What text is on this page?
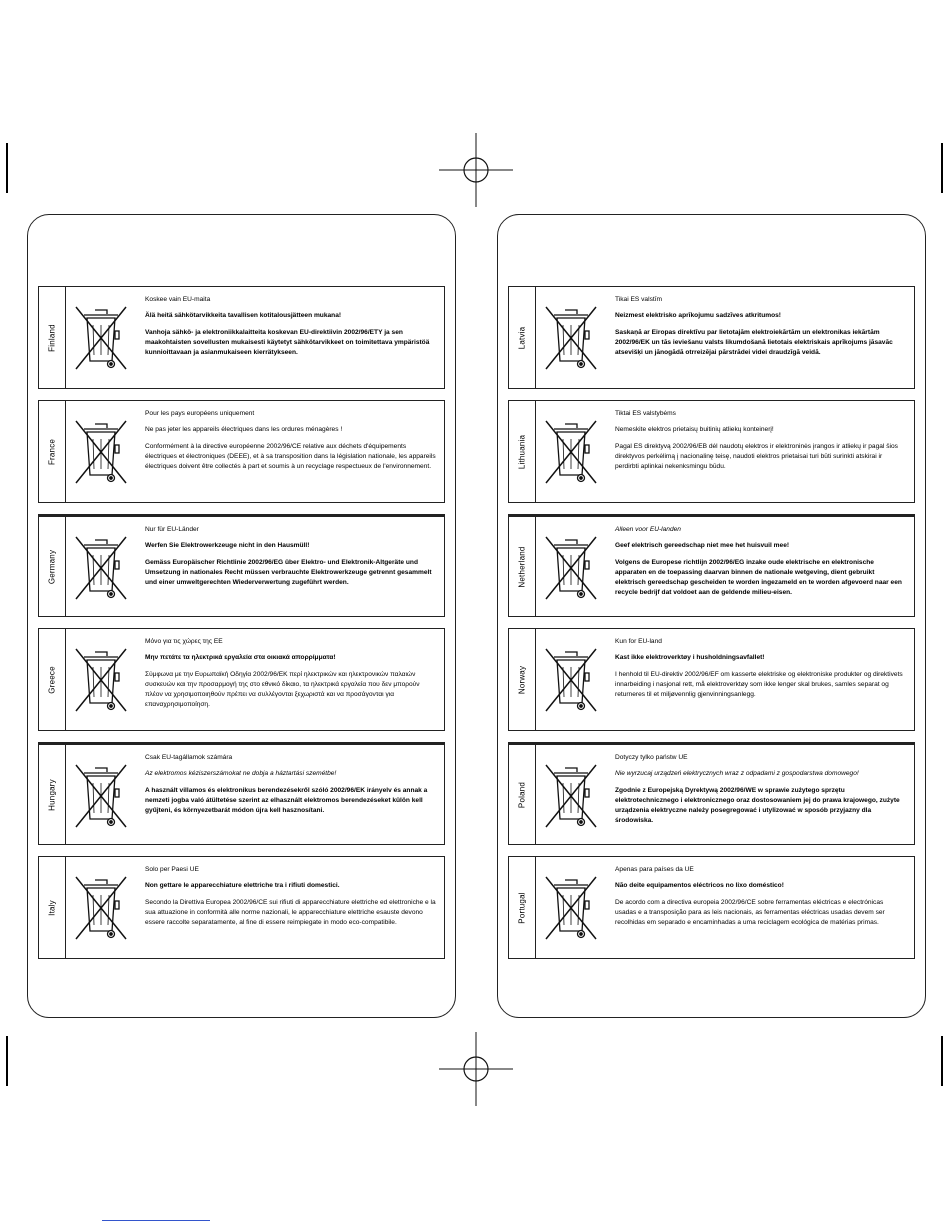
Finland

Koskee vain EU-maita

Älä heitä sähkötarvikkeita tavallisen kotitalousjätteen mukana!

Vanhoja sähkö- ja elektroniikkalaitteita koskevan EU-direktiivin 2002/96/ETY ja sen maakohtaisten sovellusten mukaisesti käytetyt sähkötarvikkeet on toimitettava ympäristöä kunnioittavaan ja asianmukaiseen kierrätykseen.

France

Pour les pays européens uniquement

Ne pas jeter les appareils électriques dans les ordures ménagères !

Conformément à la directive européenne 2002/96/CE relative aux déchets d'équipements électriques et électroniques (DEEE), et à sa transposition dans la législation nationale, les appareils électriques doivent être collectés à part et soumis à un recyclage respectueux de l'environnement.

Germany

Nur für EU-Länder

Werfen Sie Elektrowerkzeuge nicht in den Hausmüll!

Gemäss Europäischer Richtlinie 2002/96/EG über Elektro- und Elektronik-Altgeräte und Umsetzung in nationales Recht müssen verbrauchte Elektrowerkzeuge getrennt gesammelt und einer umweltgerechten Wiederverwertung zugeführt werden.

Greece

Μόνο για τις χώρες της ΕΕ

Μην πετάτε τα ηλεκτρικά εργαλεία στα οικιακά απορρίμματα!

Σύμφωνα με την Ευρωπαϊκή Οδηγία 2002/96/ΕΚ περί ηλεκτρικών και ηλεκτρονικών παλαιών συσκευών και την προσαρμογή της στο εθνικό δίκαιο, τα ηλεκτρικά εργαλεία που δεν μπορούν πλέον να χρησιμοποιηθούν πρέπει να συλλέγονται ξεχωριστά και να προσάγονται για επαναχρησιμοποίηση.

Hungary

Csak EU-tagállamok számára

Az elektromos kéziszerszámokat ne dobja a háztartási szemétbe!

A használt villamos és elektronikus berendezésekről szóló 2002/96/EK irányelv és annak a nemzeti jogba való átültetése szerint az elhasznált elektromos berendezéseket külön kell gyűjteni, és környezetbarát módon újra kell hasznosítani.

Italy

Solo per Paesi UE

Non gettare le apparecchiature elettriche tra i rifiuti domestici.

Secondo la Direttiva Europea 2002/96/CE sui rifiuti di apparecchiature elettriche ed elettroniche e la sua attuazione in conformità alle norme nazionali, le apparecchiature elettriche esauste devono essere raccolte separatamente, al fine di essere reimpiegate in modo eco-compatibile.

Latvia

Tikai ES valstīm

Neizmest elektrisko aprīkojumu sadzīves atkritumos!

Saskaņā ar Eiropas direktīvu par lietotajām elektroiekārtām un elektronikas iekārtām 2002/96/EK un tās ieviešanu valsts likumdošanā lietotais elektriskais aprīkojums jāsavāc atsevišķi un jānogādā otrreizējai pārstrādei videi draudzīgā veidā.

Lithuania

Tiktai ES valstybėms

Nemeskite elektros prietaisų buitinių atliekų konteinerį!

Pagal ES direktyvą 2002/96/EB dėl naudotų elektros ir elektroninės įrangos ir atliekų ir pagal šios direktyvos perkėlimą į nacionalinę teisę, naudoti elektros prietaisai turi būti surinkti atskirai ir perdirbti aplinkai nekenksmingu būdu.

Netherland

Alleen voor EU-landen

Geef elektrisch gereedschap niet mee het huisvuil mee!

Volgens de Europese richtlijn 2002/96/EG inzake oude elektrische en elektronische apparaten en de toepassing daarvan binnen de nationale wetgeving, dient gebruikt elektrisch gereedschap gescheiden te worden ingezameld en te worden afgevoerd naar een recycle bedrijf dat voldoet aan de geldende milieu-eisen.

Norway

Kun for EU-land

Kast ikke elektroverktøy i husholdningsavfallet!

I henhold til EU-direktiv 2002/96/EF om kasserte elektriske og elektroniske produkter og direktivets innarbeiding i nasjonal rett, må elektroverktøy som ikke lenger skal brukes, samles separat og returneres til et miljøvennlig gjenvinningsanlegg.

Poland

Dotyczy tylko państw UE

Nie wyrzucaj urządzeń elektrycznych wraz z odpadami z gospodarstwa domowego!

Zgodnie z Europejską Dyrektywą 2002/96/WE w sprawie zużytego sprzętu elektrotechnicznego i elektronicznego oraz dostosowaniem jej do prawa krajowego, zużyte urządzenia elektryczne należy posegregować i utylizować w sposób przyjazny dla środowiska.

Portugal

Apenas para países da UE

Não deite equipamentos eléctricos no lixo doméstico!

De acordo com a directiva europeia 2002/96/CE sobre ferramentas eléctricas e electrónicas usadas e a transposição para as leis nacionais, as ferramentas eléctricas usadas devem ser recolhidas em separado e encaminhadas a uma reciclagem ecológica de matérias primas.
